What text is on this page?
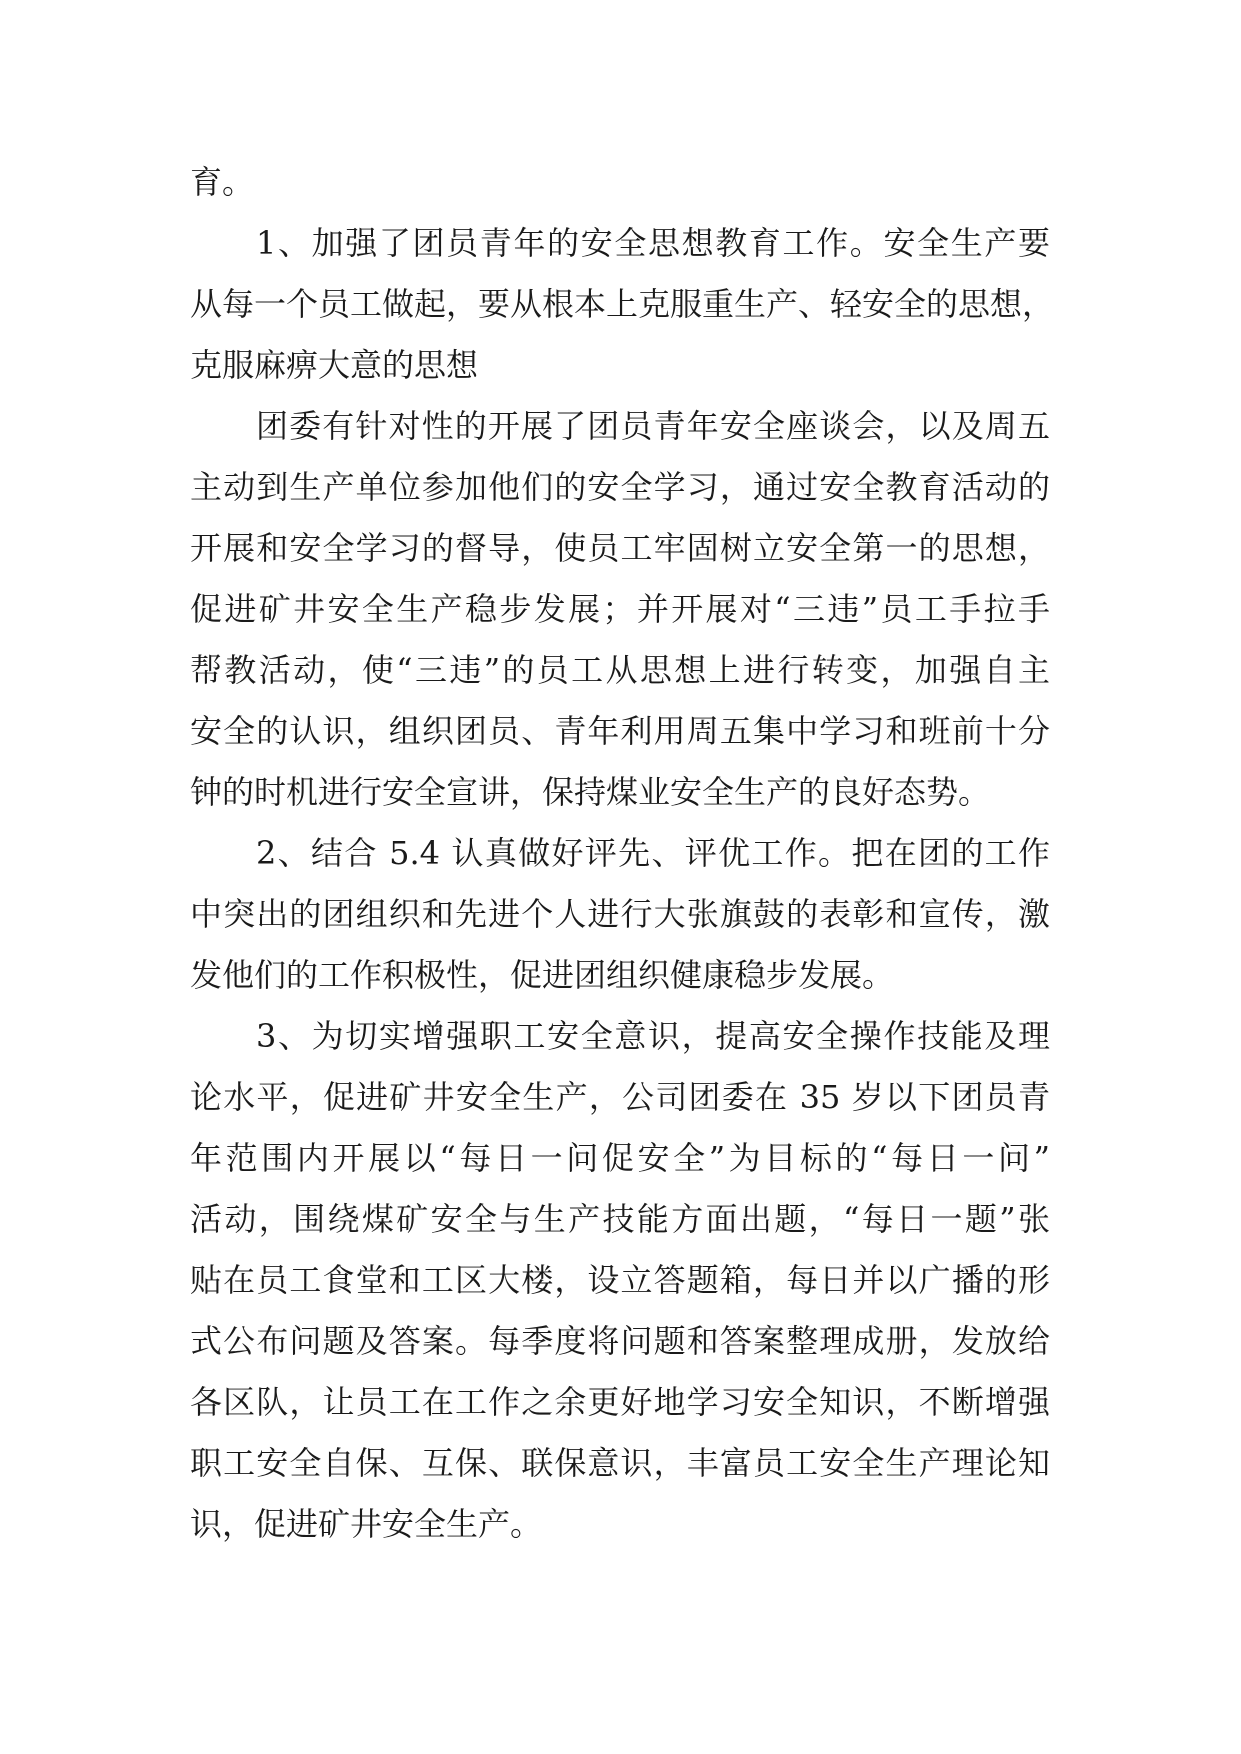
育。
1、加强了团员青年的安全思想教育工作。安全生产要
从每一个员工做起，要从根本上克服重生产、轻安全的思想，
克服麻痹大意的思想
团委有针对性的开展了团员青年安全座谈会，以及周五
主动到生产单位参加他们的安全学习，通过安全教育活动的
开展和安全学习的督导，使员工牢固树立安全第一的思想，
促进矿井安全生产稳步发展；并开展对“三违”员工手拉手
帮教活动，使“三违”的员工从思想上进行转变，加强自主
安全的认识，组织团员、青年利用周五集中学习和班前十分
钟的时机进行安全宣讲，保持煤业安全生产的良好态势。
2、结合 5.4 认真做好评先、评优工作。把在团的工作
中突出的团组织和先进个人进行大张旗鼓的表彰和宣传，激
发他们的工作积极性，促进团组织健康稳步发展。
3、为切实增强职工安全意识，提高安全操作技能及理
论水平，促进矿井安全生产，公司团委在 35 岁以下团员青
年范围内开展以“每日一问促安全”为目标的“每日一问”
活动，围绕煤矿安全与生产技能方面出题，“每日一题”张
贴在员工食堂和工区大楼，设立答题箱，每日并以广播的形
式公布问题及答案。每季度将问题和答案整理成册，发放给
各区队，让员工在工作之余更好地学习安全知识，不断增强
职工安全自保、互保、联保意识，丰富员工安全生产理论知
识，促进矿井安全生产。
